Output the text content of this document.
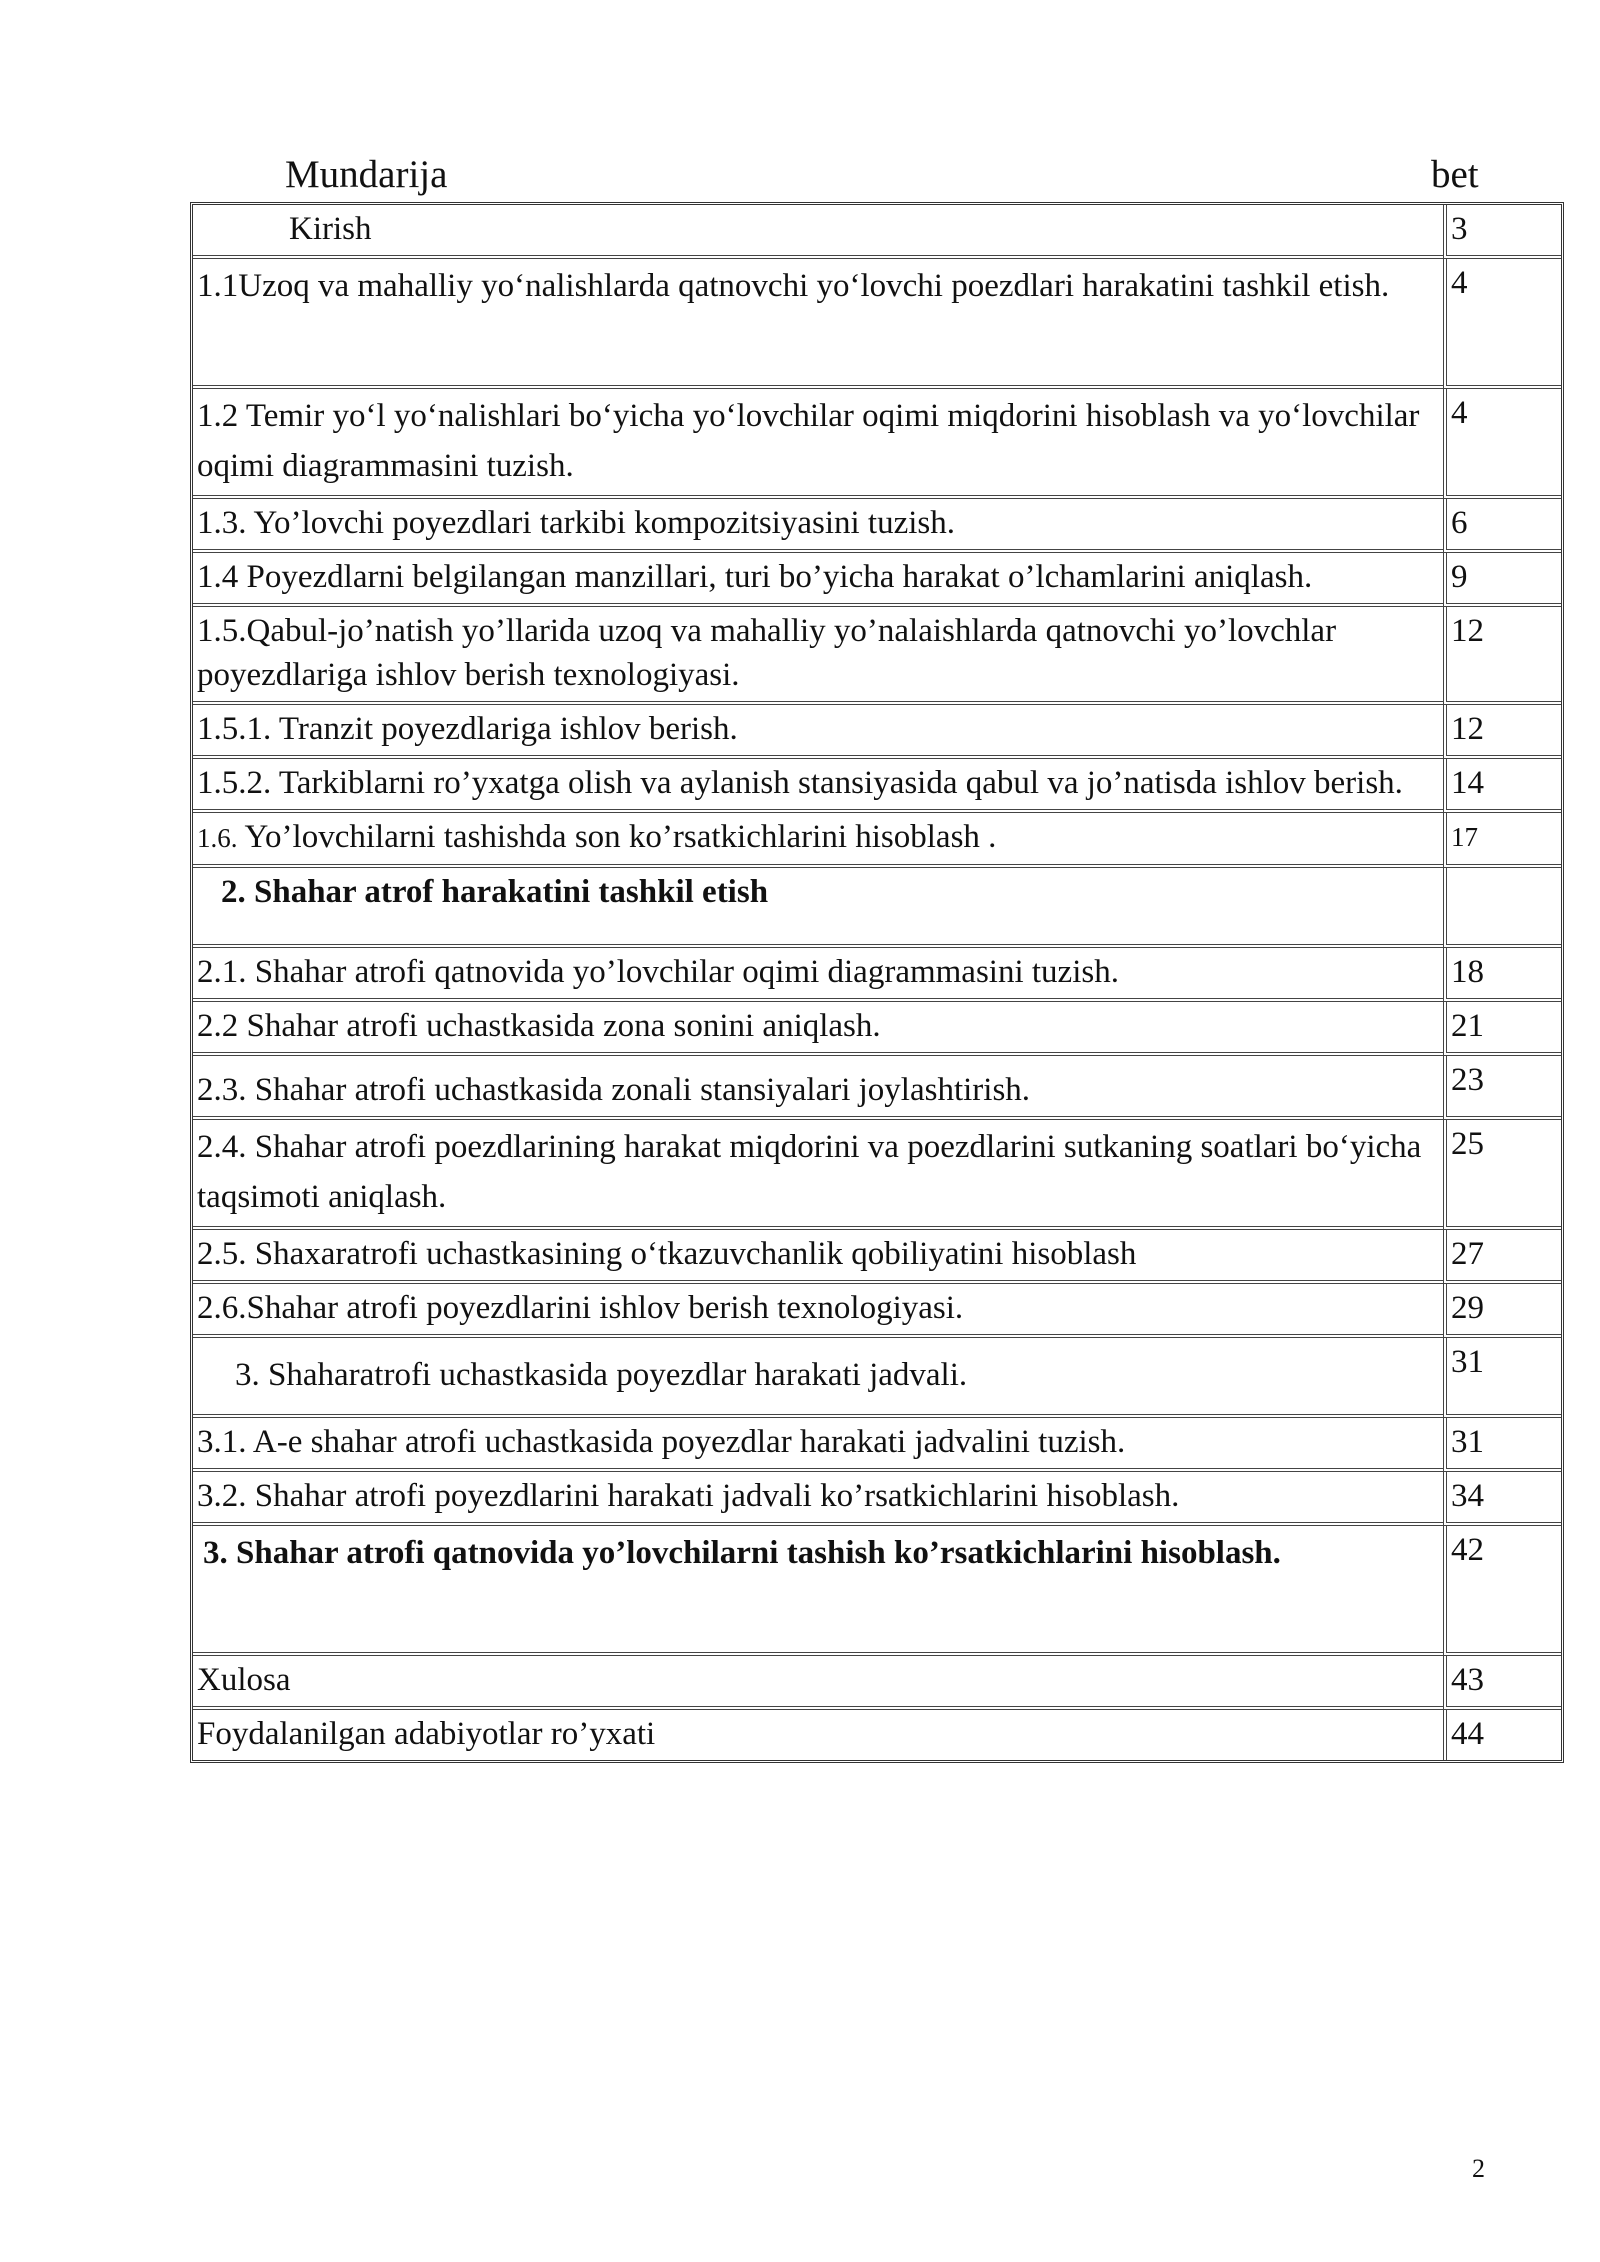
Mundarija	bet
Kirish	3
1.1Uzoq va mahalliy yo‘nalishlarda qatnovchi yo‘lovchi poezdlari harakatini tashkil etish.	4
1.2 Temir yo‘l yo‘nalishlari bo‘yicha yo‘lovchilar oqimi miqdorini hisoblash va yo‘lovchilar oqimi diagrammasini tuzish.	4
1.3. Yo’lovchi poyezdlari tarkibi kompozitsiyasini tuzish.	6
1.4 Poyezdlarni belgilangan manzillari, turi bo’yicha harakat o’lchamlarini aniqlash.	9
1.5.Qabul-jo’natish yo’llarida uzoq va mahalliy yo’nalaishlarda qatnovchi yo’lovchlar poyezdlariga ishlov berish texnologiyasi.	12
1.5.1. Tranzit poyezdlariga ishlov berish.	12
1.5.2. Tarkiblarni ro’yxatga olish va aylanish stansiyasida qabul va jo’natisda ishlov berish.	14
1.6. Yo’lovchilarni tashishda son ko’rsatkichlarini hisoblash .	17
2. Shahar atrof harakatini tashkil etish	
2.1. Shahar atrofi qatnovida yo’lovchilar oqimi diagrammasini tuzish.	18
2.2 Shahar atrofi uchastkasida zona sonini aniqlash.	21
2.3. Shahar atrofi uchastkasida zonali stansiyalari joylashtirish.	23
2.4. Shahar atrofi poezdlarining harakat miqdorini va poezdlarini sutkaning soatlari bo‘yicha taqsimoti aniqlash.	25
2.5. Shaxaratrofi uchastkasining o‘tkazuvchanlik qobiliyatini hisoblash	27
2.6.Shahar atrofi poyezdlarini ishlov berish texnologiyasi.	29
3. Shaharatrofi uchastkasida poyezdlar harakati jadvali.	31
3.1. A-e shahar atrofi uchastkasida poyezdlar harakati jadvalini tuzish.	31
3.2. Shahar atrofi poyezdlarini harakati jadvali ko’rsatkichlarini hisoblash.	34
3. Shahar atrofi qatnovida yo’lovchilarni tashish ko’rsatkichlarini hisoblash.	42
Xulosa	43
Foydalanilgan adabiyotlar ro’yxati	44
2
